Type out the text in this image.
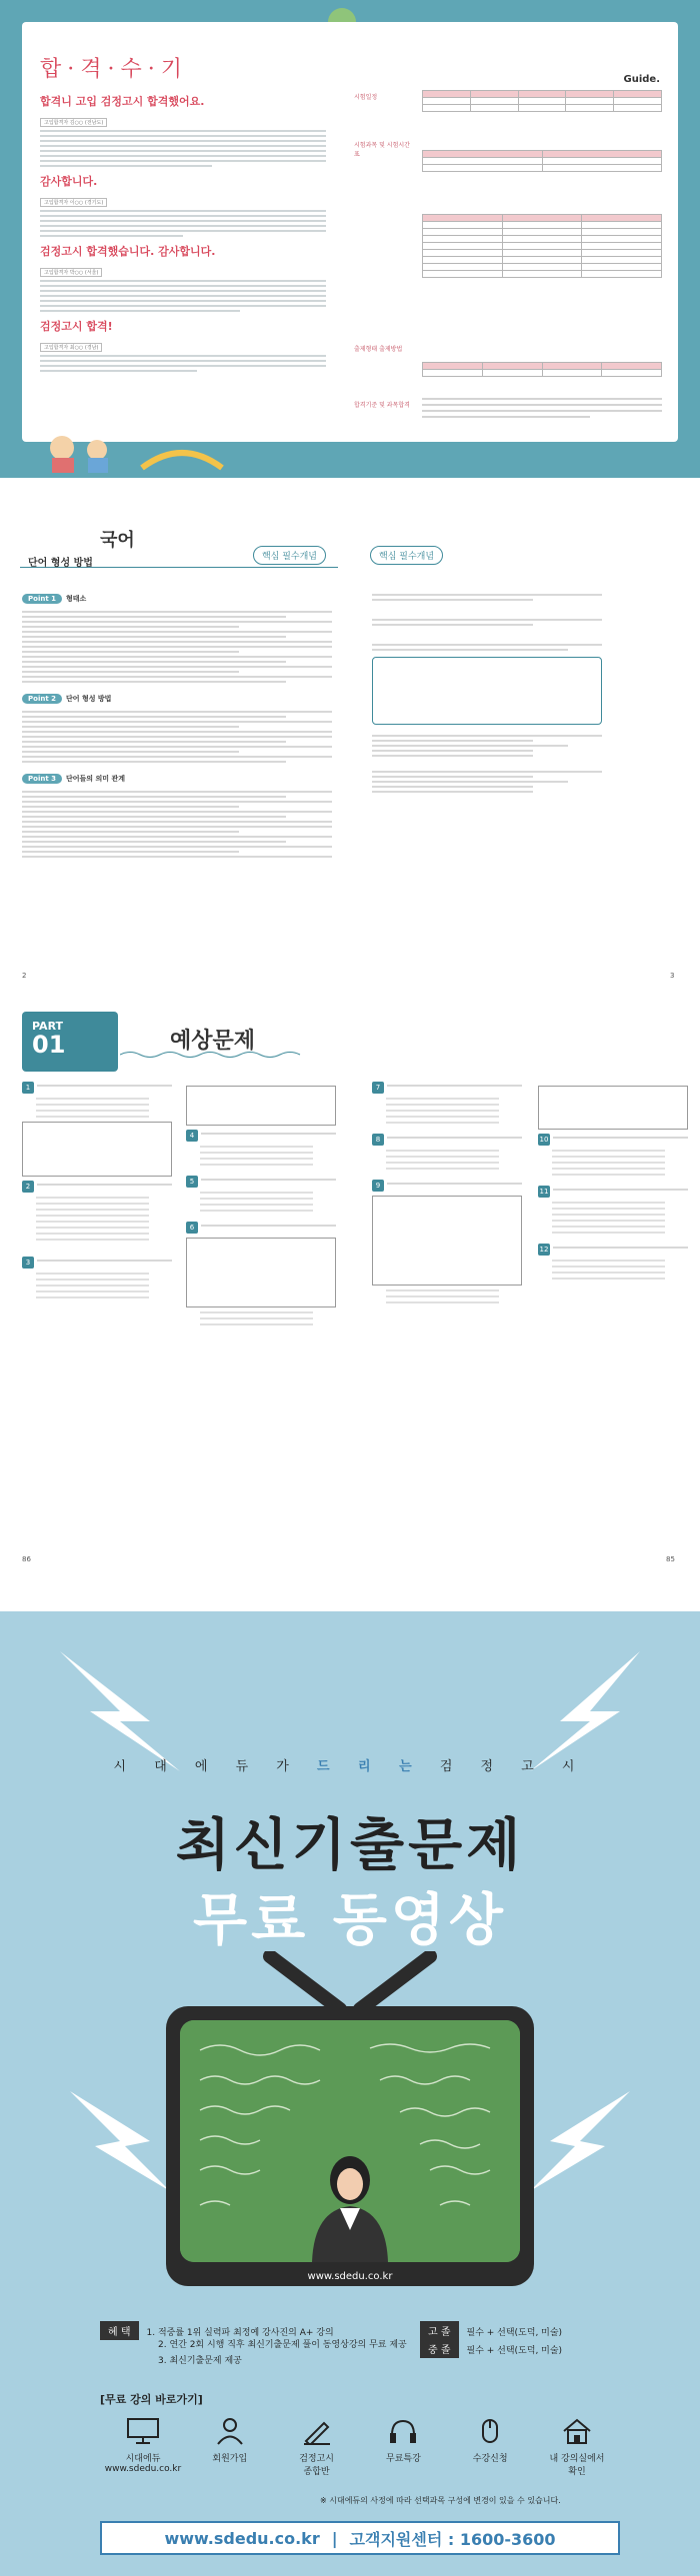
합·격·수·기
합격니 고입 검정고시 합격했어요.
고입합격자 김○○ (전남도)
감사합니다.
고입합격자 이○○ (경기도)
검정고시 합격했습니다. 감사합니다.
고입합격자 박○○ (서울)
검정고시 합격!
고입합격자 최○○ (경남)
Guide.
시험일정

시험과목 및 시험시간표

출제형태 출제방법

합격기준 및 과목합격
국어
핵심 필수개념
단어 형성 방법
핵심 필수개념
Point 1 형태소
Point 2 단어 형성 방법
Point 3 단어들의 의미 관계
2	3
PART
01	예상문제
1
2
3
4
5
6
86
7
8
9
10
11
12
85
시 대 에 듀 가 드 리 는 검 정 고 시
최신기출문제
무료 동영상
www.sdedu.co.kr
혜 택 1. 적중률 1위 실력파 최정예 강사진의 A+ 강의	고 졸 필수 + 선택(도덕, 미술)
2. 연간 2회 시행 직후 최신기출문제 풀이 동영상강의 무료 제공
3. 최신기출문제 제공
중 졸 필수 + 선택(도덕, 미술)
[무료 강의 바로가기]
시대에듀
www.sdedu.co.kr
회원가입	검정고시
종합반
무료특강	수강신청	내 강의실에서
확인
※ 시대에듀의 사정에 따라 선택과목 구성에 변경이 있을 수 있습니다.
www.sdedu.co.kr | 고객지원센터 : 1600-3600
